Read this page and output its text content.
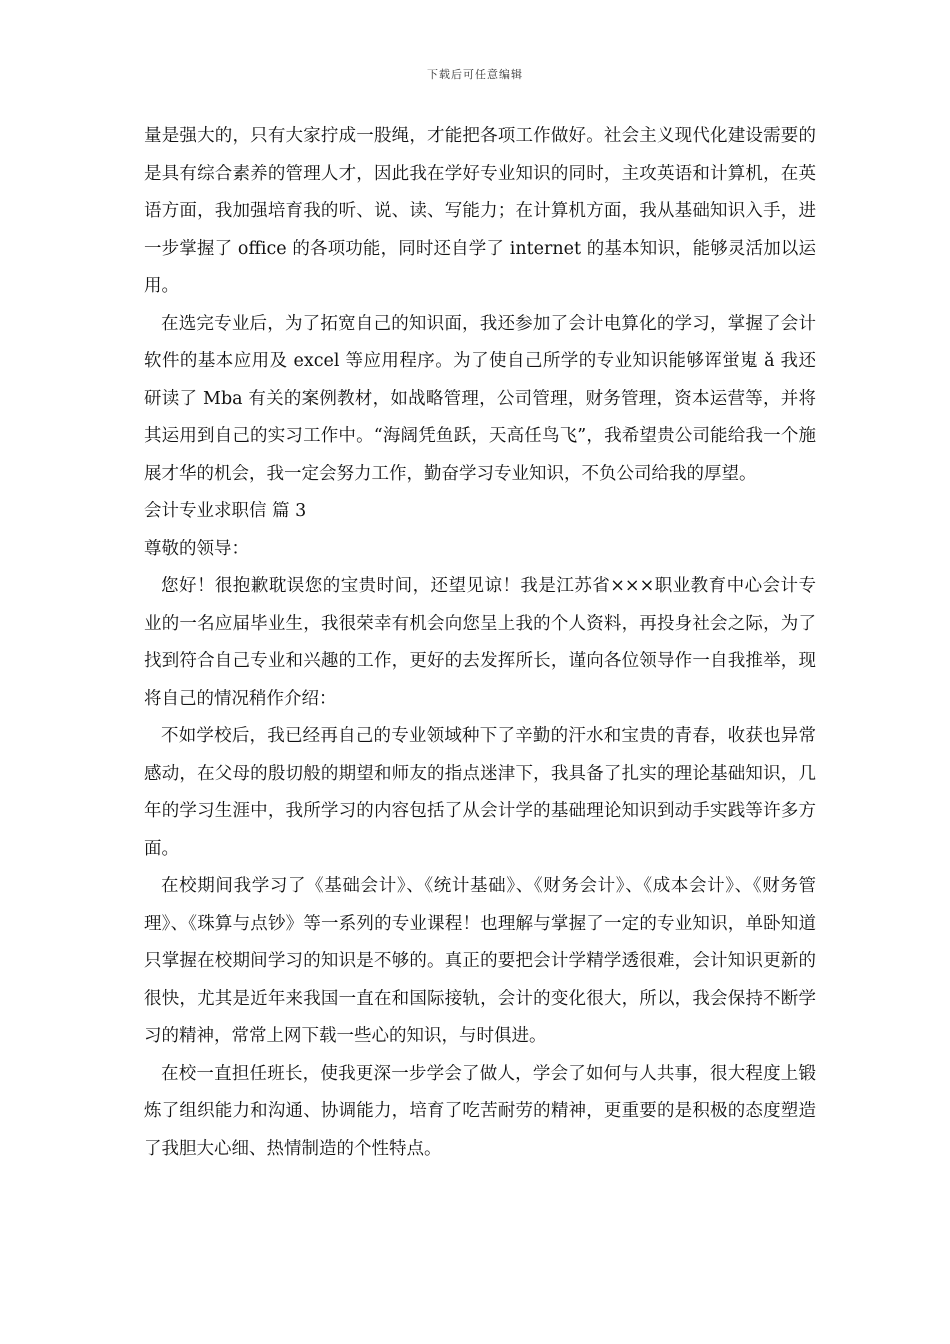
下载后可任意编辑

量是强大的，只有大家拧成一股绳，才能把各项工作做好。社会主义现代化建设需要的是具有综合素养的管理人才，因此我在学好专业知识的同时，主攻英语和计算机，在英语方面，我加强培育我的听、说、读、写能力；在计算机方面，我从基础知识入手，进一步掌握了 office 的各项功能，同时还自学了 internet 的基本知识，能够灵活加以运用。

在选完专业后，为了拓宽自己的知识面，我还参加了会计电算化的学习，掌握了会计软件的基本应用及 excel 等应用程序。为了使自己所学的专业知识能够诨蛍嵬 ǎ 我还研读了 Mba 有关的案例教材，如战略管理，公司管理，财务管理，资本运营等，并将其运用到自己的实习工作中。“海阔凭鱼跃，天高任鸟飞”，我希望贵公司能给我一个施展才华的机会，我一定会努力工作，勤奋学习专业知识，不负公司给我的厚望。

会计专业求职信 篇 3

尊敬的领导：

您好！很抱歉耽误您的宝贵时间，还望见谅！我是江苏省×××职业教育中心会计专业的一名应届毕业生，我很荣幸有机会向您呈上我的个人资料，再投身社会之际，为了找到符合自己专业和兴趣的工作，更好的去发挥所长，谨向各位领导作一自我推举，现将自己的情况稍作介绍：

不如学校后，我已经再自己的专业领域种下了辛勤的汗水和宝贵的青春，收获也异常感动，在父母的殷切般的期望和师友的指点迷津下，我具备了扎实的理论基础知识，几年的学习生涯中，我所学习的内容包括了从会计学的基础理论知识到动手实践等许多方面。

在校期间我学习了《基础会计》、《统计基础》、《财务会计》、《成本会计》、《财务管理》、《珠算与点钞》等一系列的专业课程！也理解与掌握了一定的专业知识，单卧知道只掌握在校期间学习的知识是不够的。真正的要把会计学精学透很难，会计知识更新的很快，尤其是近年来我国一直在和国际接轨，会计的变化很大，所以，我会保持不断学习的精神，常常上网下载一些心的知识，与时俱进。

在校一直担任班长，使我更深一步学会了做人，学会了如何与人共事，很大程度上锻炼了组织能力和沟通、协调能力，培育了吃苦耐劳的精神，更重要的是积极的态度塑造了我胆大心细、热情制造的个性特点。
